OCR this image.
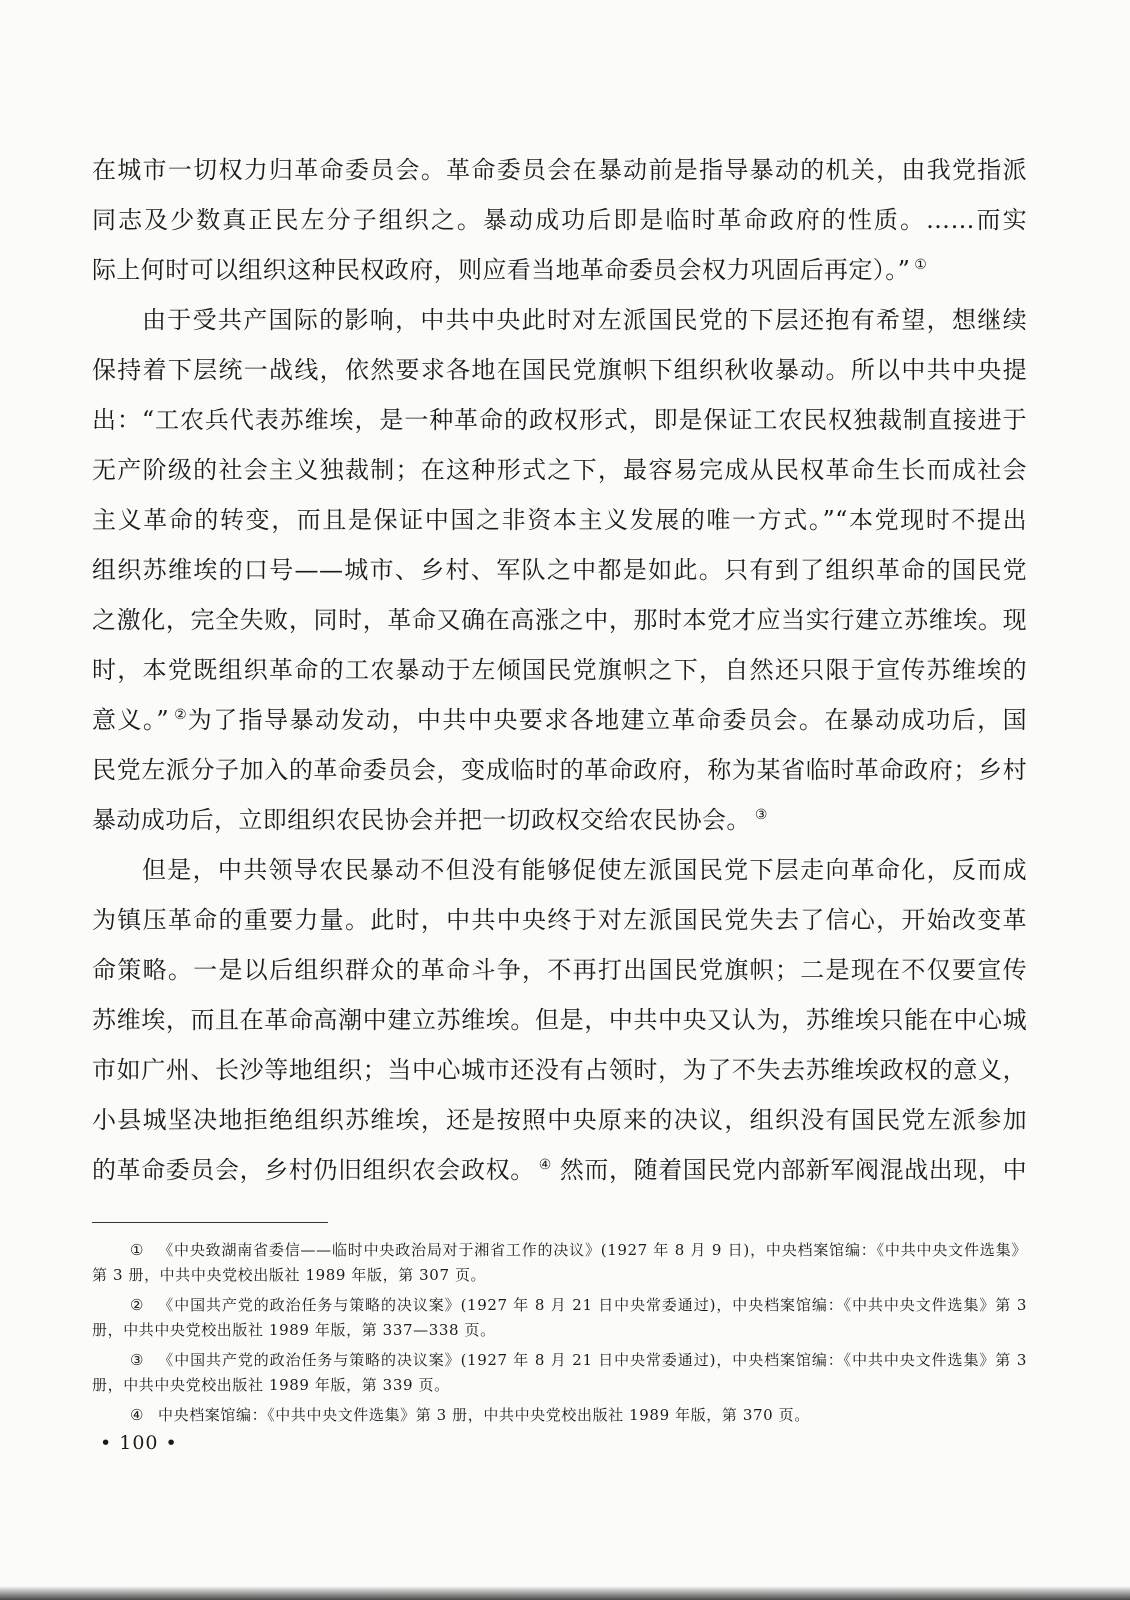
在城市一切权力归革命委员会。革命委员会在暴动前是指导暴动的机关，由我党指派
同志及少数真正民左分子组织之。暴动成功后即是临时革命政府的性质。……而实
际上何时可以组织这种民权政府，则应看当地革命委员会权力巩固后再定）。” ①
由于受共产国际的影响，中共中央此时对左派国民党的下层还抱有希望，想继续
保持着下层统一战线，依然要求各地在国民党旗帜下组织秋收暴动。所以中共中央提
出：“工农兵代表苏维埃，是一种革命的政权形式，即是保证工农民权独裁制直接进于
无产阶级的社会主义独裁制；在这种形式之下，最容易完成从民权革命生长而成社会
主义革命的转变，而且是保证中国之非资本主义发展的唯一方式。”“本党现时不提出
组织苏维埃的口号——城市、乡村、军队之中都是如此。只有到了组织革命的国民党
之激化，完全失败，同时，革命又确在高涨之中，那时本党才应当实行建立苏维埃。现
时，本党既组织革命的工农暴动于左倾国民党旗帜之下，自然还只限于宣传苏维埃的
意义。” ②为了指导暴动发动，中共中央要求各地建立革命委员会。在暴动成功后，国
民党左派分子加入的革命委员会，变成临时的革命政府，称为某省临时革命政府；乡村
暴动成功后，立即组织农民协会并把一切政权交给农民协会。 ③
但是，中共领导农民暴动不但没有能够促使左派国民党下层走向革命化，反而成
为镇压革命的重要力量。此时，中共中央终于对左派国民党失去了信心，开始改变革
命策略。一是以后组织群众的革命斗争，不再打出国民党旗帜；二是现在不仅要宣传
苏维埃，而且在革命高潮中建立苏维埃。但是，中共中央又认为，苏维埃只能在中心城
市如广州、长沙等地组织；当中心城市还没有占领时，为了不失去苏维埃政权的意义，
小县城坚决地拒绝组织苏维埃，还是按照中央原来的决议，组织没有国民党左派参加
的革命委员会，乡村仍旧组织农会政权。 ④ 然而，随着国民党内部新军阀混战出现，中
① 《中央致湖南省委信——临时中央政治局对于湘省工作的决议》(1927 年 8 月 9 日)，中央档案馆编：《中共中央文件选集》
第 3 册，中共中央党校出版社 1989 年版，第 307 页。
② 《中国共产党的政治任务与策略的决议案》(1927 年 8 月 21 日中央常委通过)，中央档案馆编：《中共中央文件选集》第 3
册，中共中央党校出版社 1989 年版，第 337—338 页。
③ 《中国共产党的政治任务与策略的决议案》(1927 年 8 月 21 日中央常委通过)，中央档案馆编：《中共中央文件选集》第 3
册，中共中央党校出版社 1989 年版，第 339 页。
④ 中央档案馆编：《中共中央文件选集》第 3 册，中共中央党校出版社 1989 年版，第 370 页。
• 100 •
